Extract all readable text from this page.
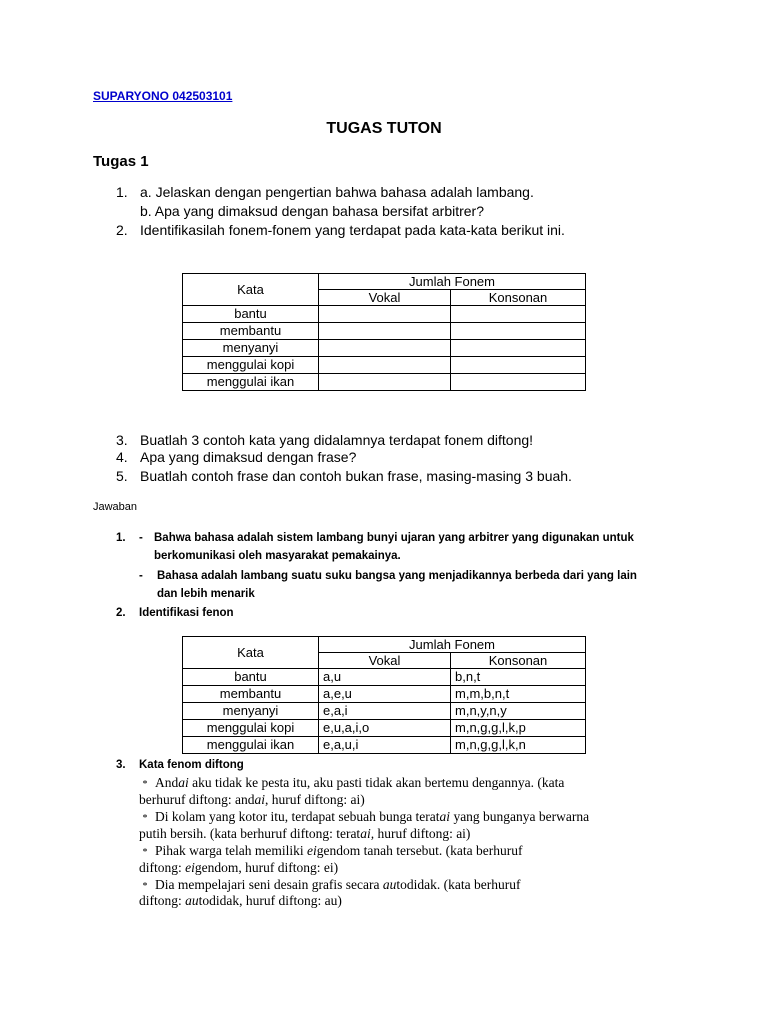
SUPARYONO 042503101
TUGAS TUTON
Tugas 1
1. a. Jelaskan dengan pengertian bahwa bahasa adalah lambang.
b. Apa yang dimaksud dengan bahasa bersifat arbitrer?
2. Identifikasilah fonem-fonem yang terdapat pada kata-kata berikut ini.
Kata	Jumlah Fonem	
	Vokal	Konsonan
bantu		
membantu		
menyanyi		
menggulai kopi		
menggulai ikan		
3. Buatlah 3 contoh kata yang didalamnya terdapat fonem diftong!
4. Apa yang dimaksud dengan frase?
5. Buatlah contoh frase dan contoh bukan frase, masing-masing 3 buah.
Jawaban
1. - Bahwa bahasa adalah sistem lambang bunyi ujaran yang arbitrer yang digunakan untuk
berkomunikasi oleh masyarakat pemakainya.
- Bahasa adalah lambang suatu suku bangsa yang menjadikannya berbeda dari yang lain
dan lebih menarik
2. Identifikasi fenon
Kata	Jumlah Fonem	
	Vokal	Konsonan
bantu	a,u	b,n,t
membantu	a,e,u	m,m,b,n,t
menyanyi	e,a,i	m,n,y,n,y
menggulai kopi	e,u,a,i,o	m,n,g,g,l,k,p
menggulai ikan	e,a,u,i	m,n,g,g,l,k,n
3. Kata fenom diftong
* Andai aku tidak ke pesta itu, aku pasti tidak akan bertemu dengannya. (kata
berhuruf diftong: andai, huruf diftong: ai)
* Di kolam yang kotor itu, terdapat sebuah bunga teratai yang bunganya berwarna
putih bersih. (kata berhuruf diftong: teratai, huruf diftong: ai)
* Pihak warga telah memiliki eigendom tanah tersebut. (kata berhuruf
diftong: eigendom, huruf diftong: ei)
* Dia mempelajari seni desain grafis secara autodidak. (kata berhuruf
diftong: autodidak, huruf diftong: au)
